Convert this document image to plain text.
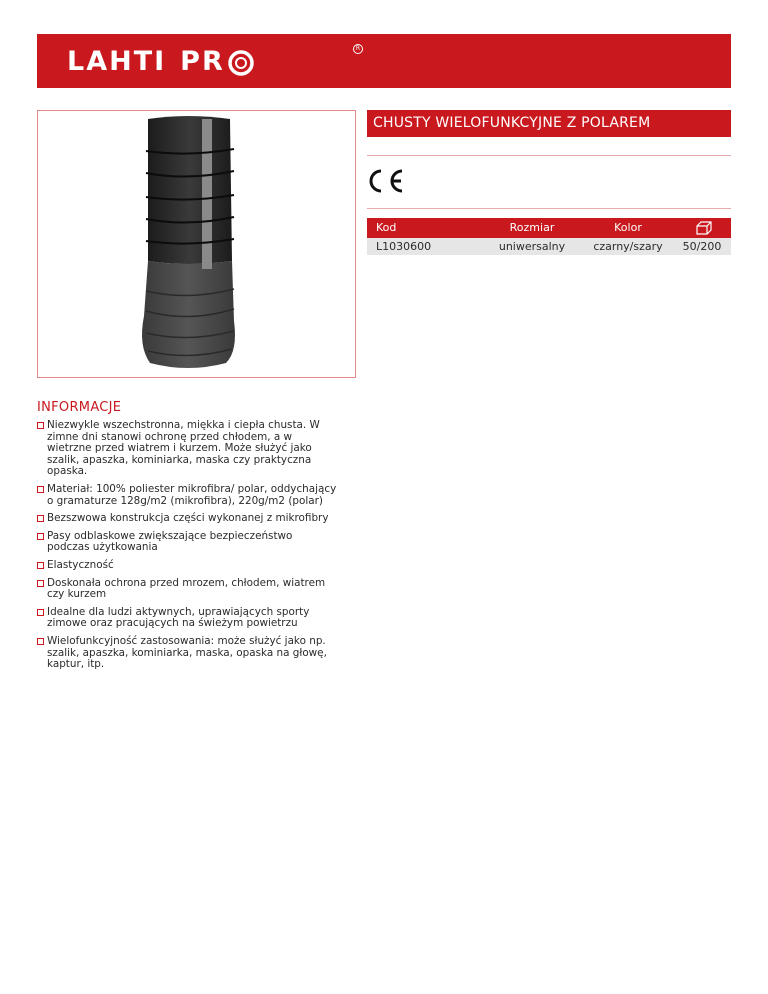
LAHTI PR	R
CHUSTY WIELOFUNKCYJNE Z POLAREM
Kod	Rozmiar	Kolor
L1030600	uniwersalny	czarny/szary	50/200
INFORMACJE
Niezwykle wszechstronna, miękka i ciepła chusta. W zimne dni stanowi ochronę przed chłodem, a w wietrzne przed wiatrem i kurzem. Może służyć jako szalik, apaszka, kominiarka, maska czy praktyczna opaska.
Materiał: 100% poliester mikrofibra/ polar, oddychający o gramaturze 128g/m2 (mikrofibra), 220g/m2 (polar)
Bezszwowa konstrukcja części wykonanej z mikrofibry
Pasy odblaskowe zwiększające bezpieczeństwo podczas użytkowania
Elastyczność
Doskonała ochrona przed mrozem, chłodem, wiatrem czy kurzem
Idealne dla ludzi aktywnych, uprawiających sporty zimowe oraz pracujących na świeżym powietrzu
Wielofunkcyjność zastosowania: może służyć jako np. szalik, apaszka, kominiarka, maska, opaska na głowę, kaptur, itp.
